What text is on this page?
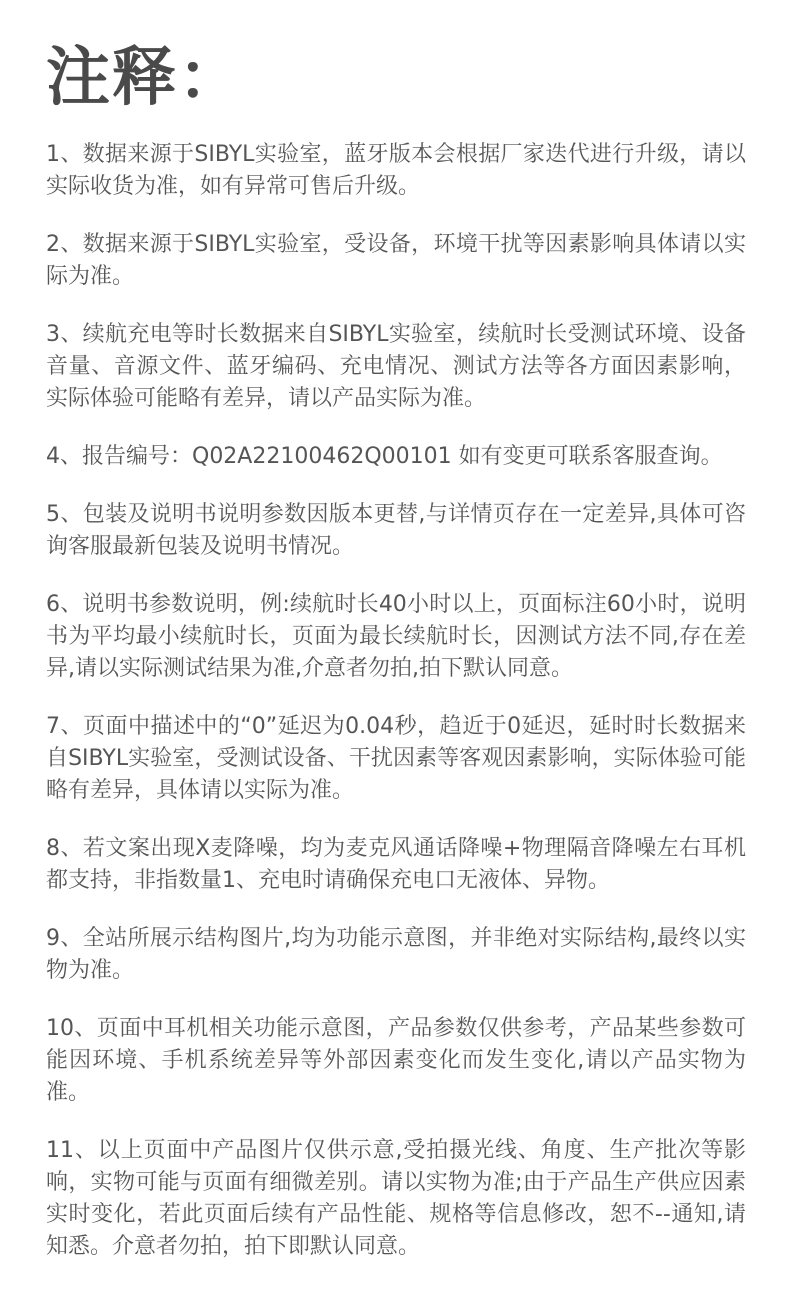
注释：
1、数据来源于SIBYL实验室，蓝牙版本会根据厂家迭代进行升级，请以实际收货为准，如有异常可售后升级。
2、数据来源于SIBYL实验室，受设备，环境干扰等因素影响具体请以实际为准。
3、续航充电等时长数据来自SIBYL实验室，续航时长受测试环境、设备音量、音源文件、蓝牙编码、充电情况、测试方法等各方面因素影响，实际体验可能略有差异，请以产品实际为准。
4、报告编号：Q02A22100462Q00101 如有变更可联系客服查询。
5、包装及说明书说明参数因版本更替,与详情页存在一定差异,具体可咨询客服最新包装及说明书情况。
6、说明书参数说明，例:续航时长40小时以上，页面标注60小时，说明书为平均最小续航时长，页面为最长续航时长，因测试方法不同,存在差异,请以实际测试结果为准,介意者勿拍,拍下默认同意。
7、页面中描述中的“0”延迟为0.04秒，趋近于0延迟，延时时长数据来自SIBYL实验室，受测试设备、干扰因素等客观因素影响，实际体验可能略有差异，具体请以实际为准。
8、若文案出现X麦降噪，均为麦克风通话降噪+物理隔音降噪左右耳机都支持，非指数量1、充电时请确保充电口无液体、异物。
9、全站所展示结构图片,均为功能示意图，并非绝对实际结构,最终以实物为准。
10、页面中耳机相关功能示意图，产品参数仅供参考，产品某些参数可能因环境、手机系统差异等外部因素变化而发生变化,请以产品实物为准。
11、以上页面中产品图片仅供示意,受拍摄光线、角度、生产批次等影响，实物可能与页面有细微差别。请以实物为准;由于产品生产供应因素实时变化，若此页面后续有产品性能、规格等信息修改，恕不--通知,请知悉。介意者勿拍，拍下即默认同意。
